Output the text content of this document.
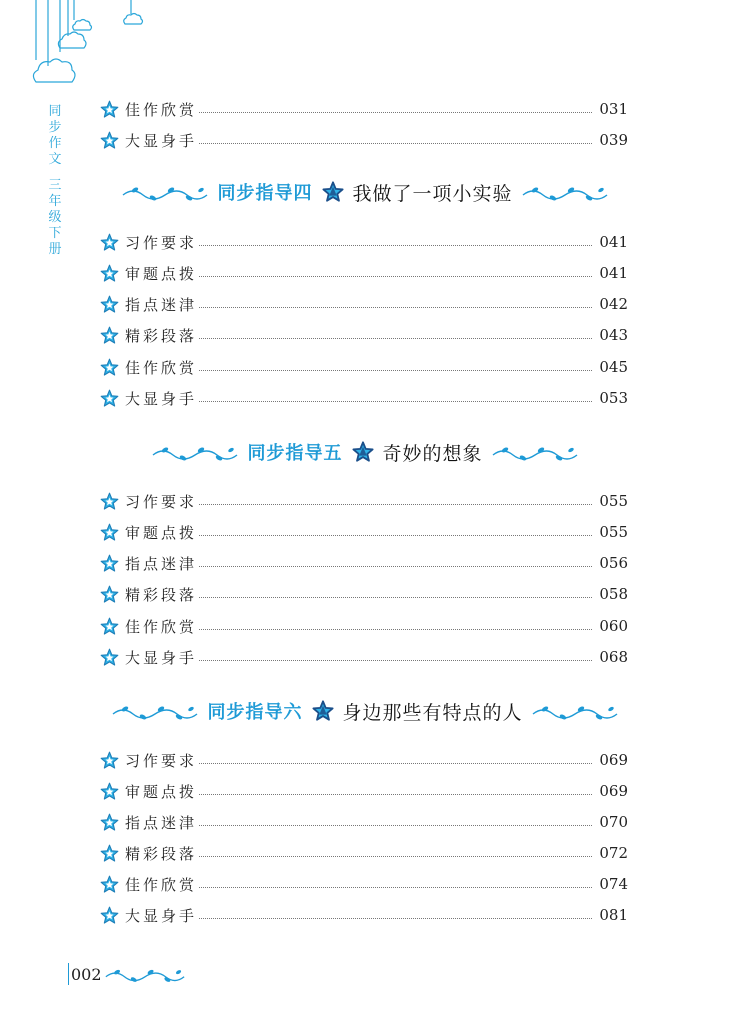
同
步
作
文
三
年
级
下
册
佳作欣赏	031
大显身手	039
同步指导四 我做了一项小实验
习作要求	041
审题点拨	041
指点迷津	042
精彩段落	043
佳作欣赏	045
大显身手	053
同步指导五 奇妙的想象
习作要求	055
审题点拨	055
指点迷津	056
精彩段落	058
佳作欣赏	060
大显身手	068
同步指导六 身边那些有特点的人
习作要求	069
审题点拨	069
指点迷津	070
精彩段落	072
佳作欣赏	074
大显身手	081
002
